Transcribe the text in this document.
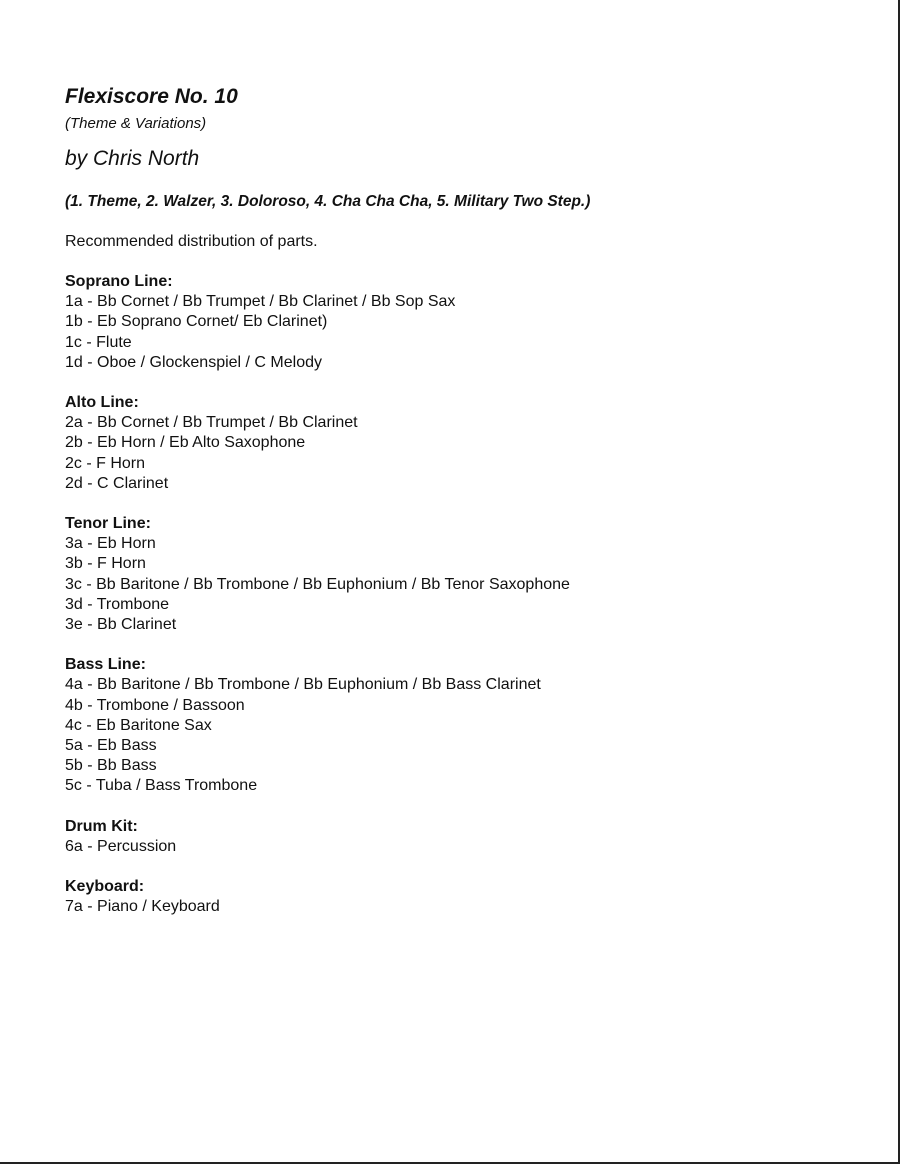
Flexiscore No. 10

(Theme & Variations)

by Chris North

(1. Theme, 2. Walzer, 3. Doloroso, 4. Cha Cha Cha, 5. Military Two Step.)

Recommended distribution of parts.

Soprano Line:

1a - Bb Cornet / Bb Trumpet / Bb Clarinet / Bb Sop Sax

1b - Eb Soprano Cornet/ Eb Clarinet)

1c - Flute

1d - Oboe / Glockenspiel / C Melody

Alto Line:

2a - Bb Cornet / Bb Trumpet / Bb Clarinet

2b - Eb Horn / Eb Alto Saxophone

2c - F Horn

2d - C Clarinet

Tenor Line:

3a - Eb Horn

3b - F Horn

3c - Bb Baritone / Bb Trombone / Bb Euphonium / Bb Tenor Saxophone

3d - Trombone

3e - Bb Clarinet

Bass Line:

4a - Bb Baritone / Bb Trombone / Bb Euphonium / Bb Bass Clarinet

4b - Trombone / Bassoon

4c - Eb Baritone Sax

5a - Eb Bass

5b - Bb Bass

5c - Tuba / Bass Trombone

Drum Kit:

6a - Percussion

Keyboard:

7a - Piano / Keyboard
